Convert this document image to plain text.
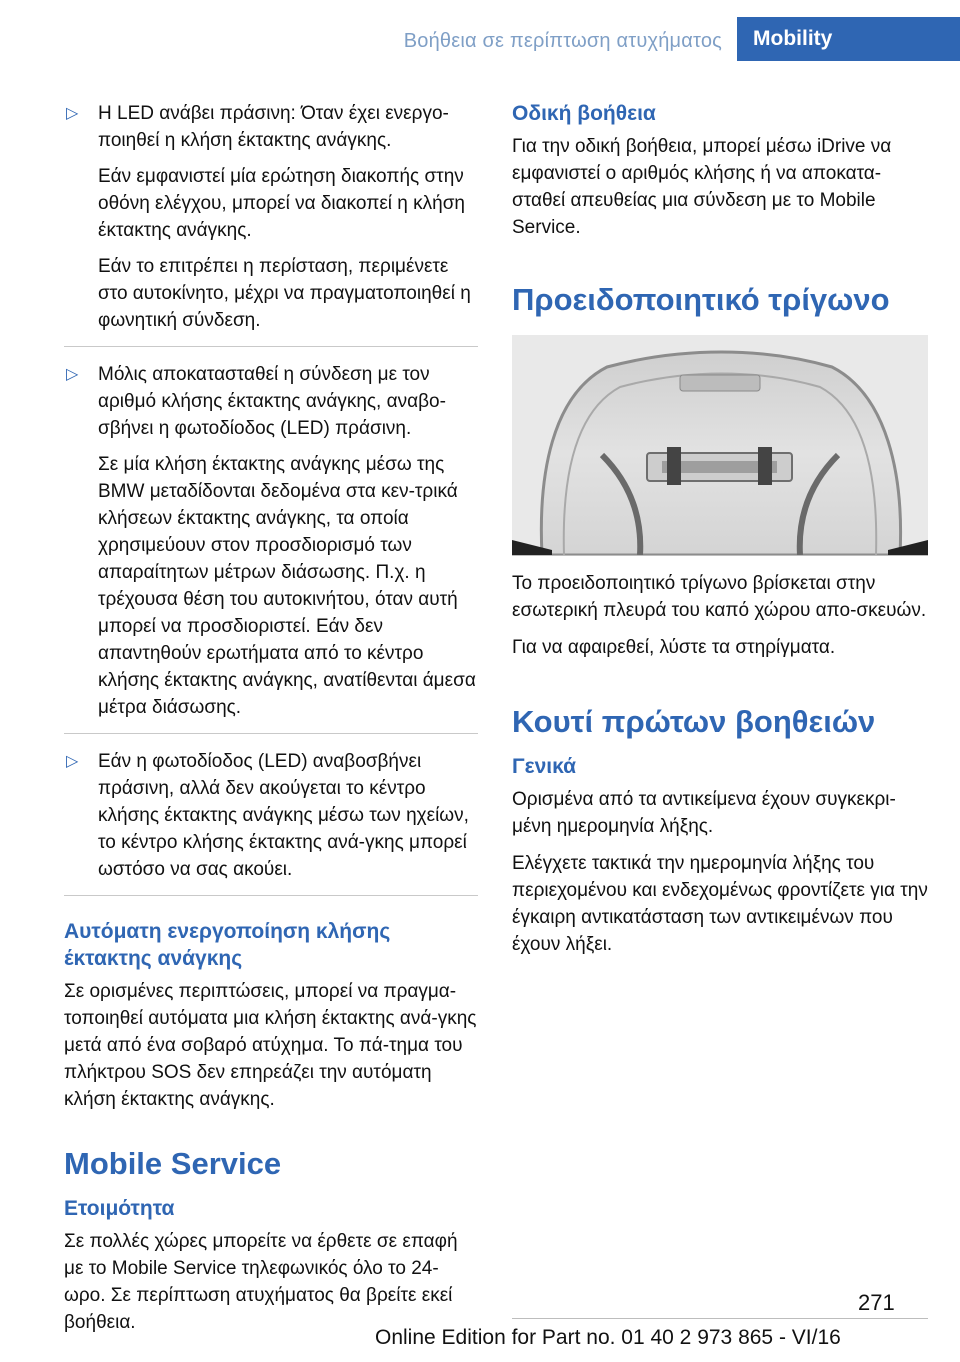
Βοήθεια σε περίπτωση ατυχήματος	Mobility
▷ Η LED ανάβει πράσινη: Όταν έχει ενεργο‐ποιηθεί η κλήση έκτακτης ανάγκης.

Εάν εμφανιστεί μία ερώτηση διακοπής στην οθόνη ελέγχου, μπορεί να διακοπεί η κλήση έκτακτης ανάγκης.

Εάν το επιτρέπει η περίσταση, περιμένετε στο αυτοκίνητο, μέχρι να πραγματοποιηθεί η φωνητική σύνδεση.

▷ Μόλις αποκατασταθεί η σύνδεση με τον αριθμό κλήσης έκτακτης ανάγκης, αναβο‐σβήνει η φωτοδίοδος (LED) πράσινη.

Σε μία κλήση έκτακτης ανάγκης μέσω της BMW μεταδίδονται δεδομένα στα κεν‐τρικά κλήσεων έκτακτης ανάγκης, τα οποία χρησιμεύουν στον προσδιορισμό των απαραίτητων μέτρων διάσωσης. Π.χ. η τρέχουσα θέση του αυτοκινήτου, όταν αυτή μπορεί να προσδιοριστεί. Εάν δεν απαντηθούν ερωτήματα από το κέντρο κλήσης έκτακτης ανάγκης, ανατίθενται άμεσα μέτρα διάσωσης.

▷ Εάν η φωτοδίοδος (LED) αναβοσβήνει πράσινη, αλλά δεν ακούγεται το κέντρο κλήσης έκτακτης ανάγκης μέσω των ηχείων, το κέντρο κλήσης έκτακτης ανά‐γκης μπορεί ωστόσο να σας ακούει.

Αυτόματη ενεργοποίηση κλήσης έκτακτης ανάγκης

Σε ορισμένες περιπτώσεις, μπορεί να πραγμα‐τοποιηθεί αυτόματα μια κλήση έκτακτης ανά‐γκης μετά από ένα σοβαρό ατύχημα. Το πά‐τημα του πλήκτρου SOS δεν επηρεάζει την αυτόματη κλήση έκτακτης ανάγκης.

Mobile Service
Ετοιμότητα

Σε πολλές χώρες μπορείτε να έρθετε σε επαφή με το Mobile Service τηλεφωνικός όλο το 24-ωρο. Σε περίπτωση ατυχήματος θα βρείτε εκεί βοήθεια.

Οδική βοήθεια

Για την οδική βοήθεια, μπορεί μέσω iDrive να εμφανιστεί ο αριθμός κλήσης ή να αποκατα‐σταθεί απευθείας μια σύνδεση με το Mobile Service.

Προειδοποιητικό τρίγωνο

Το προειδοποιητικό τρίγωνο βρίσκεται στην εσωτερική πλευρά του καπό χώρου απο‐σκευών.

Για να αφαιρεθεί, λύστε τα στηρίγματα.

Κουτί πρώτων βοηθειών
Γενικά

Ορισμένα από τα αντικείμενα έχουν συγκεκρι‐μένη ημερομηνία λήξης.

Ελέγχετε τακτικά την ημερομηνία λήξης του περιεχομένου και ενδεχομένως φροντίζετε για την έγκαιρη αντικατάσταση των αντικειμένων που έχουν λήξει.

271
Online Edition for Part no. 01 40 2 973 865 - VI/16
